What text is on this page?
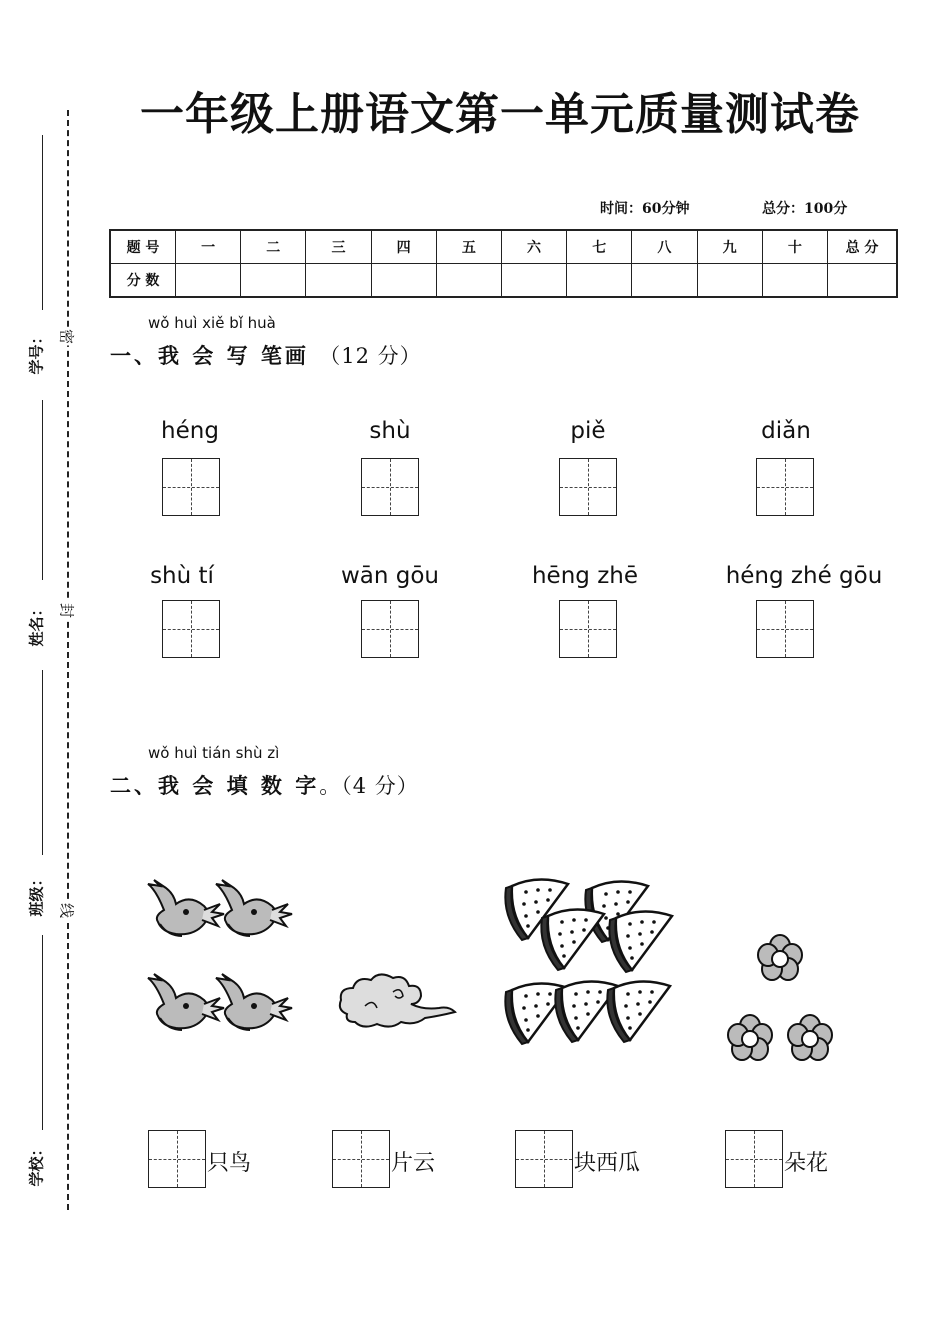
学号：
姓名：
班级：
学校：
密
封
线
一年级上册语文第一单元质量测试卷
时间：60分钟	总分：100分
题 号	一	二	三	四	五	六	七	八	九	十	总 分
分 数											
wǒ huì xiě bǐ huà
一、我 会 写 笔画 （12 分）
héng	shù	piě	diǎn
shù tí	wān gōu	hēng zhē	héng zhé gōu
wǒ huì tián shù zì
二、我 会 填 数 字。（4 分）
只鸟	片云	块西瓜	朵花
